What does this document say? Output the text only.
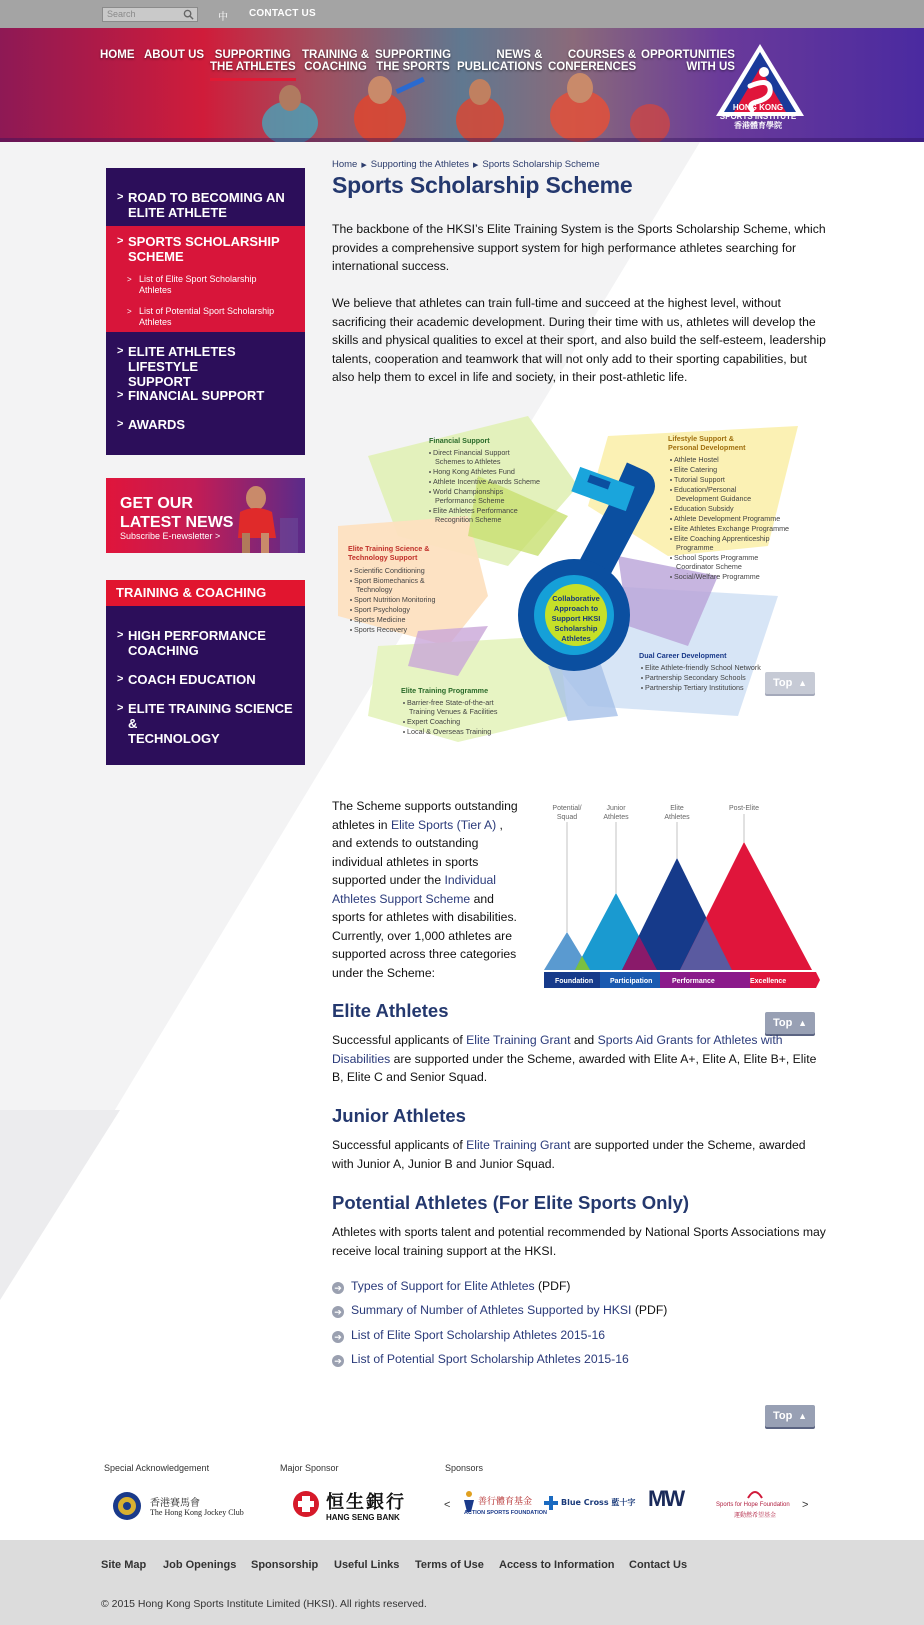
Search	中 CONTACT US
HOME ABOUT US SUPPORTING
THE ATHLETES
TRAINING &
COACHING
SUPPORTING
THE SPORTS
NEWS &
PUBLICATIONS
COURSES &
CONFERENCES
OPPORTUNITIES
WITH US
HONG KONG
SPORTS INSTITUTE
香港體育學院
> ROAD TO BECOMING AN
ELITE ATHLETE
> SPORTS SCHOLARSHIP
SCHEME
> List of Elite Sport Scholarship
Athletes
> List of Potential Sport Scholarship
Athletes
> ELITE ATHLETES LIFESTYLE
SUPPORT
> FINANCIAL SUPPORT
> AWARDS
GET OUR
LATEST NEWS
Subscribe E-newsletter >
TRAINING & COACHING
> HIGH PERFORMANCE
COACHING
> COACH EDUCATION
> ELITE TRAINING SCIENCE &
TECHNOLOGY
Home ▶ Supporting the Athletes ▶ Sports Scholarship Scheme
Sports Scholarship Scheme

The backbone of the HKSI’s Elite Training System is the Sports Scholarship Scheme, which provides a comprehensive support system for high performance athletes searching for international success.

We believe that athletes can train full-time and succeed at the highest level, without sacrificing their academic development. During their time with us, athletes will develop the skills and physical qualities to excel at their sport, and also build the self-esteem, leadership talents, cooperation and teamwork that will not only add to their sporting capabilities, but also help them to excel in life and society, in their post-athletic life.

Collaborative
Approach to
Support HKSI
Scholarship
Athletes
Financial Support
Direct Financial Support
Schemes to Athletes
Hong Kong Athletes Fund
Athlete Incentive Awards Scheme
World Championships
Performance Scheme
Elite Athletes Performance
Recognition Scheme
Lifestyle Support &
Personal Development
Athlete Hostel
Elite Catering
Tutorial Support
Education/Personal
Development Guidance
Education Subsidy
Athlete Development Programme
Elite Athletes Exchange Programme
Elite Coaching Apprenticeship
Programme
School Sports Programme
Coordinator Scheme
Social/Welfare Programme
Elite Training Science &
Technology Support
Scientific Conditioning
Sport Biomechanics &
Technology
Sport Nutrition Monitoring
Sport Psychology
Sports Medicine
Sports Recovery
Dual Career Development
Elite Athlete-friendly School Network
Partnership Secondary Schools
Partnership Tertiary Institutions
Elite Training Programme
Barrier-free State-of-the-art
Training Venues & Facilities
Expert Coaching
Local & Overseas Training
Top ▲

The Scheme supports outstanding athletes in Elite Sports (Tier A) , and extends to outstanding individual athletes in sports supported under the Individual Athletes Support Scheme and sports for athletes with disabilities. Currently, over 1,000 athletes are supported across three categories under the Scheme:

Potential/
Squad
Junior
Athletes
Elite
Athletes
Post-Elite
Foundation Participation	Performance	Excellence
Elite Athletes
Top ▲

Successful applicants of Elite Training Grant and Sports Aid Grants for Athletes with Disabilities are supported under the Scheme, awarded with Elite A+, Elite A, Elite B+, Elite B, Elite C and Senior Squad.

Junior Athletes

Successful applicants of Elite Training Grant are supported under the Scheme, awarded with Junior A, Junior B and Junior Squad.

Potential Athletes (For Elite Sports Only)

Athletes with sports talent and potential recommended by National Sports Associations may receive local training support at the HKSI.

➔ Types of Support for Elite Athletes (PDF)
➔ Summary of Number of Athletes Supported by HKSI (PDF)
➔ List of Elite Sport Scholarship Athletes 2015-16
➔ List of Potential Sport Scholarship Athletes 2015-16
Top ▲
Special Acknowledgement	Major Sponsor	Sponsors
香港賽馬會
The Hong Kong Jockey Club	恒生銀行
HANG SENG BANK
<	善行體育基金
ACTION SPORTS FOUNDATION
Blue Cross 藍十字 MW	Sports for Hope Foundation
運動燃希望基金
>
Site Map Job Openings Sponsorship Useful Links Terms of Use Access to Information Contact Us
© 2015 Hong Kong Sports Institute Limited (HKSI). All rights reserved.
